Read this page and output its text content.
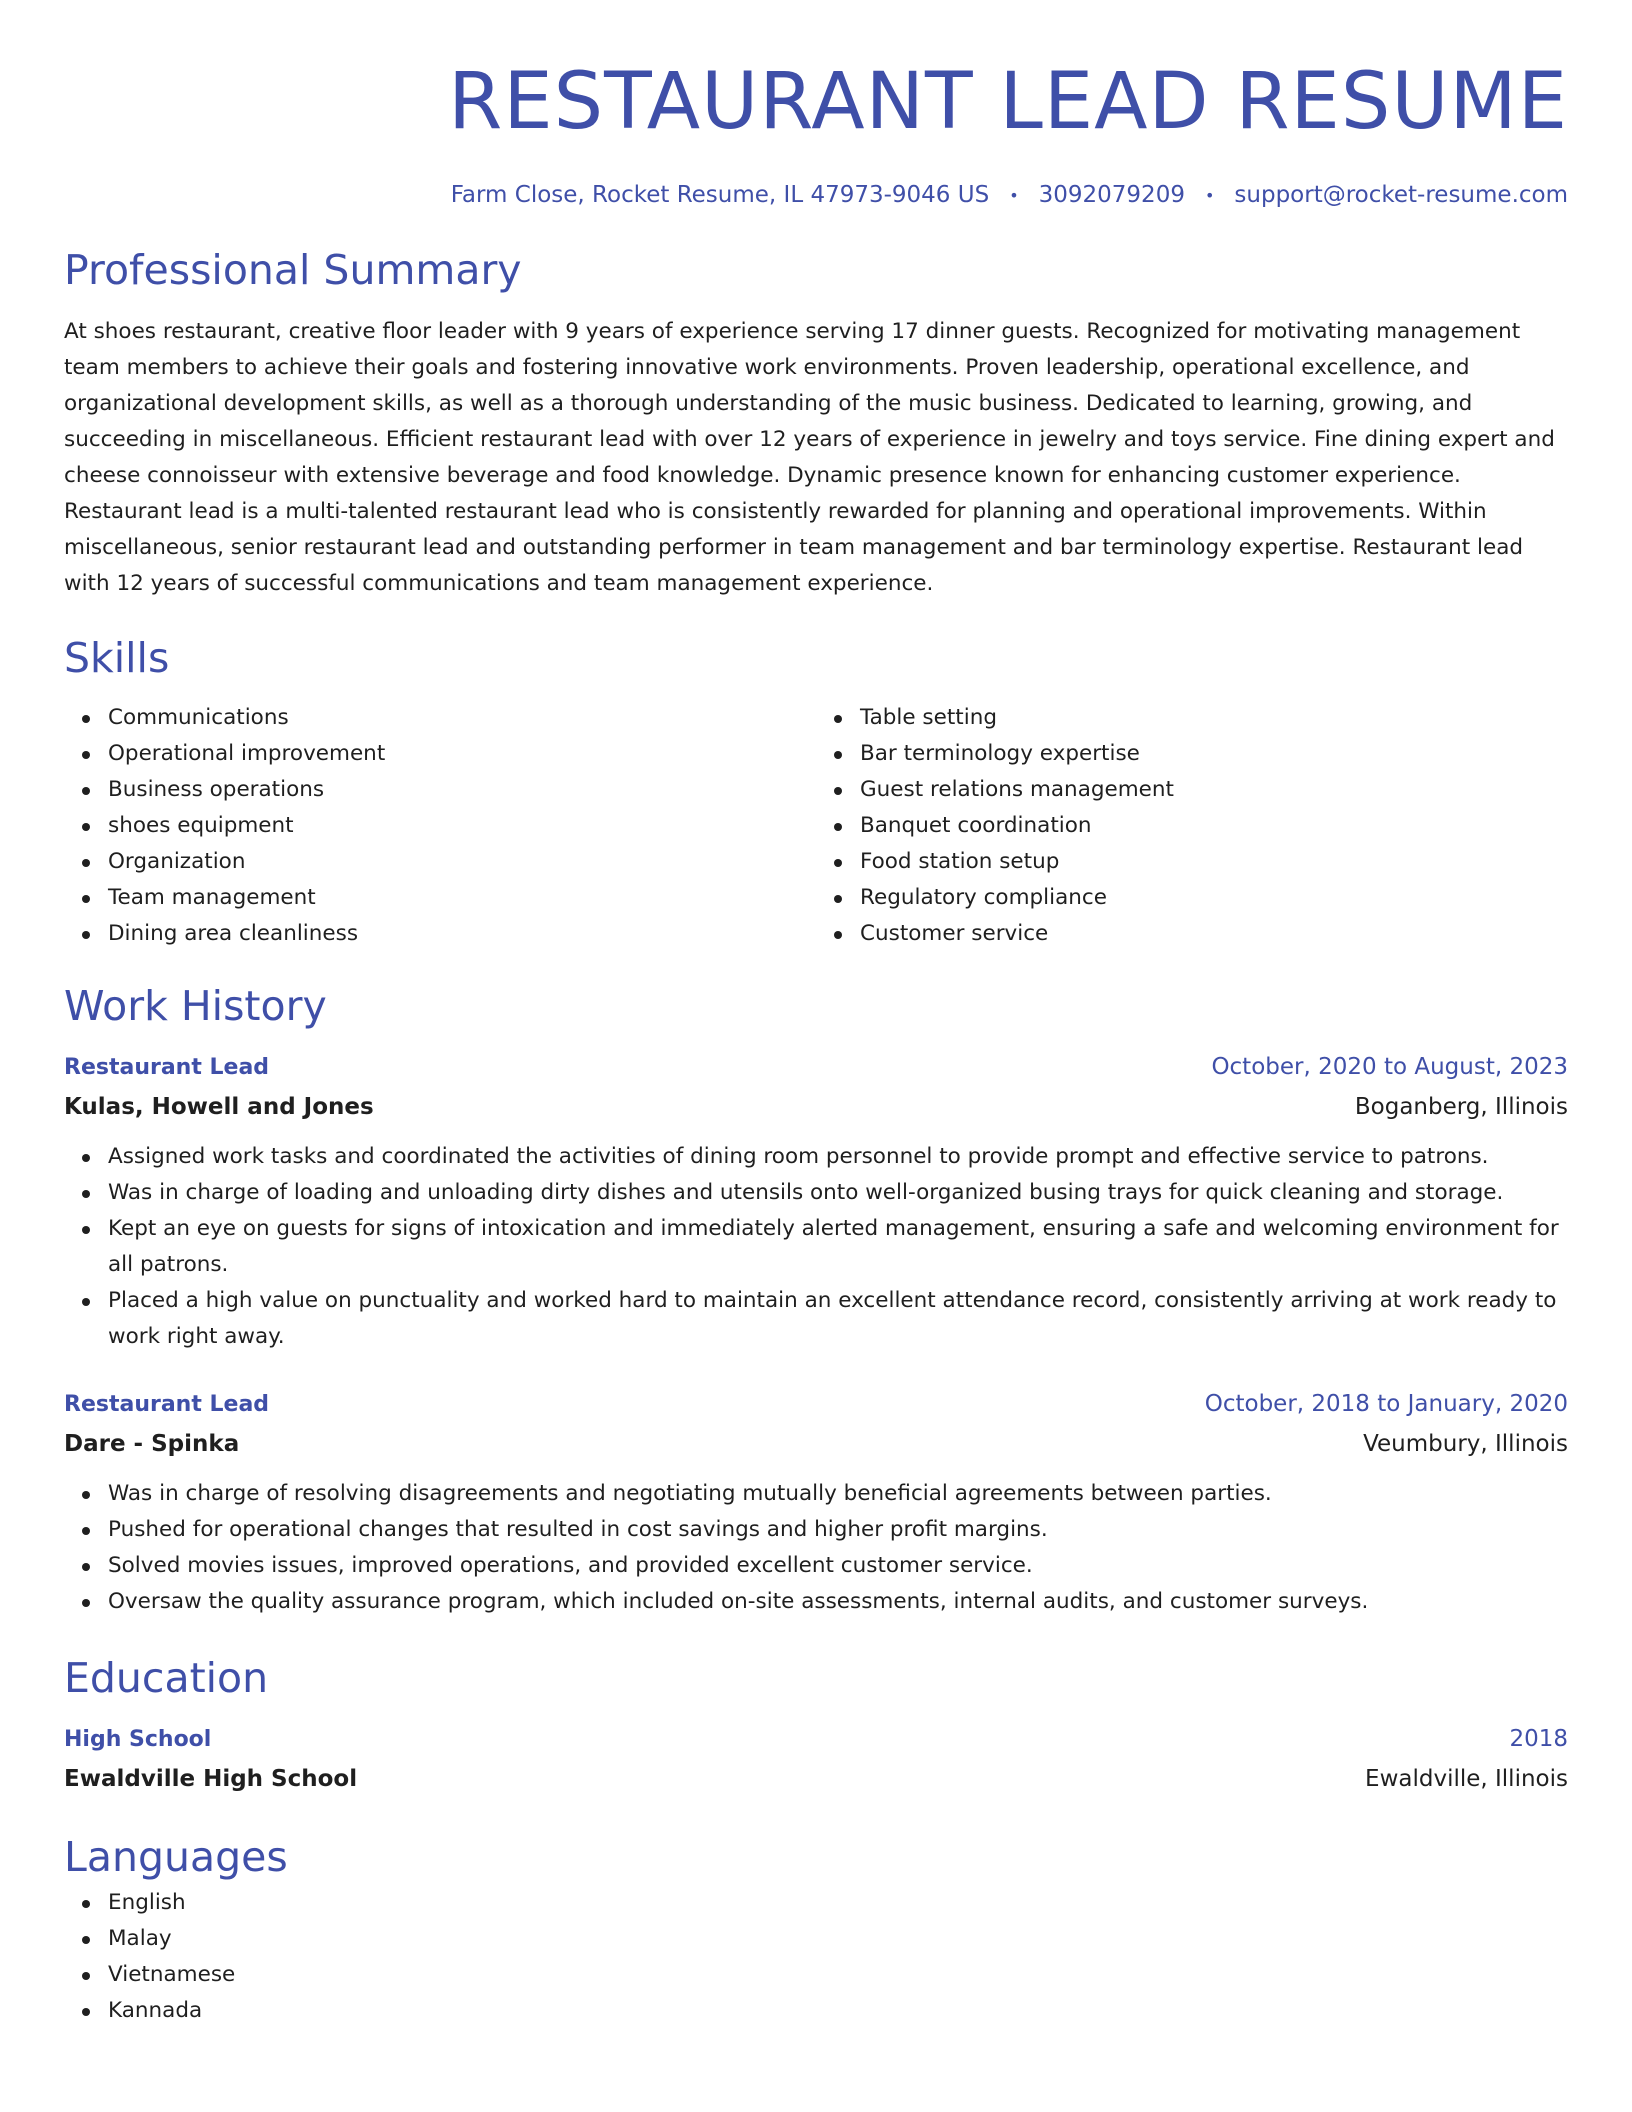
RESTAURANT LEAD RESUME
Farm Close, Rocket Resume, IL 47973-9046 US • 3092079209 • support@rocket-resume.com
Professional Summary

At shoes restaurant, creative floor leader with 9 years of experience serving 17 dinner guests. Recognized for motivating management team members to achieve their goals and fostering innovative work environments. Proven leadership, operational excellence, and organizational development skills, as well as a thorough understanding of the music business. Dedicated to learning, growing, and succeeding in miscellaneous. Efficient restaurant lead with over 12 years of experience in jewelry and toys service. Fine dining expert and cheese connoisseur with extensive beverage and food knowledge. Dynamic presence known for enhancing customer experience. Restaurant lead is a multi-talented restaurant lead who is consistently rewarded for planning and operational improvements. Within miscellaneous, senior restaurant lead and outstanding performer in team management and bar terminology expertise. Restaurant lead with 12 years of successful communications and team management experience.

Skills
Communications
Operational improvement
Business operations
shoes equipment
Organization
Team management
Dining area cleanliness
Table setting
Bar terminology expertise
Guest relations management
Banquet coordination
Food station setup
Regulatory compliance
Customer service
Work History
Restaurant Lead	October, 2020 to August, 2023
Kulas, Howell and Jones	Boganberg, Illinois
Assigned work tasks and coordinated the activities of dining room personnel to provide prompt and effective service to patrons.
Was in charge of loading and unloading dirty dishes and utensils onto well-organized busing trays for quick cleaning and storage.
Kept an eye on guests for signs of intoxication and immediately alerted management, ensuring a safe and welcoming environment for all patrons.
Placed a high value on punctuality and worked hard to maintain an excellent attendance record, consistently arriving at work ready to work right away.
Restaurant Lead	October, 2018 to January, 2020
Dare - Spinka	Veumbury, Illinois
Was in charge of resolving disagreements and negotiating mutually beneficial agreements between parties.
Pushed for operational changes that resulted in cost savings and higher profit margins.
Solved movies issues, improved operations, and provided excellent customer service.
Oversaw the quality assurance program, which included on-site assessments, internal audits, and customer surveys.
Education
High School	2018
Ewaldville High School	Ewaldville, Illinois
Languages
English
Malay
Vietnamese
Kannada
